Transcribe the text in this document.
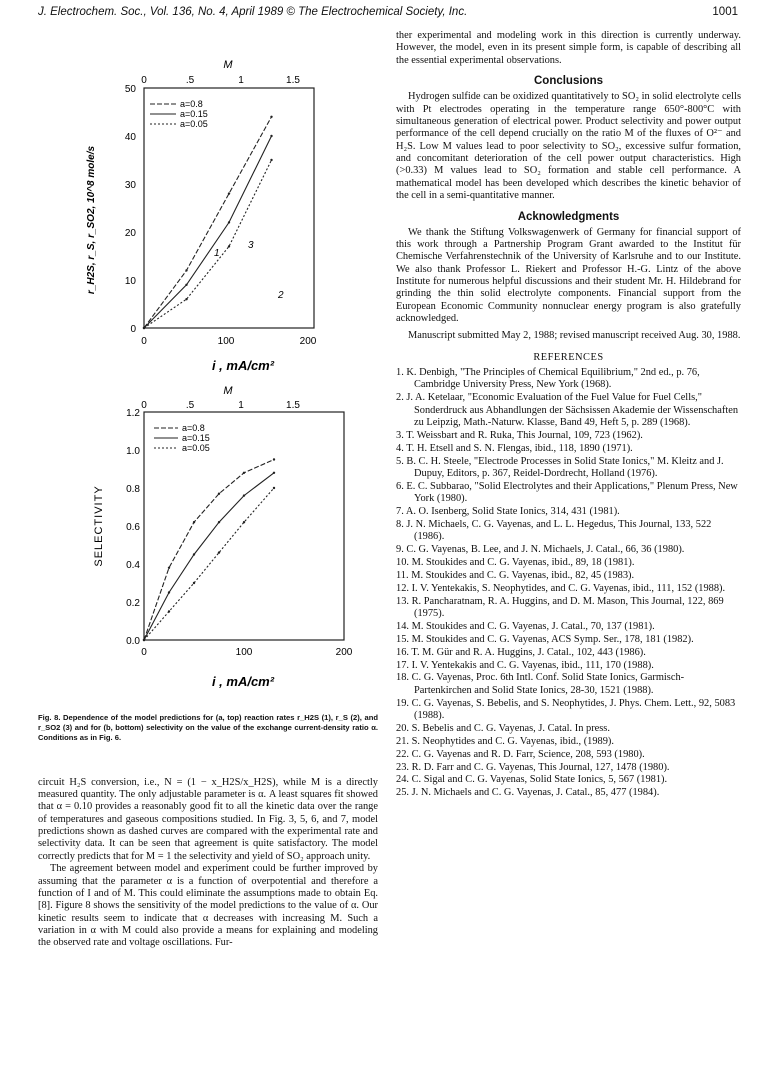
J. Electrochem. Soc., Vol. 136, No. 4, April 1989 © The Electrochemical Society, Inc.	1001
M
0	.5	1	1.5
50
40
30
20
10
0
0	100	200
r_H2S, r_S, r_SO2, 10^8 mole/s
i , mA/cm²
a=0.8
a=0.15
a=0.05
1
2
3

M
0	.5	1	1.5
1.2
1.0
0.8
0.6
0.4
0.2
0.0
0	100	200
SELECTIVITY
i , mA/cm²
a=0.8
a=0.15
a=0.05

Fig. 8. Dependence of the model predictions for (a, top) reaction rates r_H2S (1), r_S (2), and r_SO2 (3) and for (b, bottom) selectivity on the value of the exchange current-density ratio α. Conditions as in Fig. 6.

circuit H₂S conversion, i.e., N = (1 − x_H2S/x_H2S), while M is a directly measured quantity. The only adjustable parameter is α. A least squares fit showed that α = 0.10 provides a reasonably good fit to all the kinetic data over the range of temperatures and gaseous compositions studied. In Fig. 3, 5, 6, and 7, model predictions shown as dashed curves are compared with the experimental rate and selectivity data. It can be seen that agreement is quite satisfactory. The model correctly predicts that for M = 1 the selectivity and yield of SO₂ approach unity.

The agreement between model and experiment could be further improved by assuming that the parameter α is a function of overpotential and therefore a function of I and of M. This could eliminate the assumptions made to obtain Eq. [8]. Figure 8 shows the sensitivity of the model predictions to the value of α. Our kinetic results seem to indicate that α decreases with increasing M. Such a variation in α with M could also provide a means for explaining and modeling the observed rate and voltage oscillations. Fur-

ther experimental and modeling work in this direction is currently underway. However, the model, even in its present simple form, is capable of describing all the essential experimental observations.

Conclusions

Hydrogen sulfide can be oxidized quantitatively to SO₂ in solid electrolyte cells with Pt electrodes operating in the temperature range 650°-800°C with simultaneous generation of electrical power. Product selectivity and power output performance of the cell depend crucially on the ratio M of the fluxes of O²⁻ and H₂S. Low M values lead to poor selectivity to SO₂, excessive sulfur formation, and concomitant deterioration of the cell power output characteristics. High (>0.33) M values lead to SO₂ formation and stable cell performance. A mathematical model has been developed which describes the kinetic behavior of the cell in a semi-quantitative manner.

Acknowledgments

We thank the Stiftung Volkswagenwerk of Germany for financial support of this work through a Partnership Program Grant awarded to the Institut für Chemische Verfahrenstechnik of the University of Karlsruhe and to our Institute. We also thank Professor L. Riekert and Professor H.-G. Lintz of the above Institute for numerous helpful discussions and their student Mr. H. Hildebrand for grinding the thin solid electrolyte components. Financial support from the European Economic Community nonnuclear energy program is also gratefully acknowledged.

Manuscript submitted May 2, 1988; revised manuscript received Aug. 30, 1988.

REFERENCES
1. K. Denbigh, "The Principles of Chemical Equilibrium," 2nd ed., p. 76, Cambridge University Press, New York (1968).
2. J. A. Ketelaar, "Economic Evaluation of the Fuel Value for Fuel Cells," Sonderdruck aus Abhandlungen der Sächsissen Akademie der Wissenschaften zu Leipzig, Math.-Naturw. Klasse, Band 49, Heft 5, p. 289 (1968).
3. T. Weissbart and R. Ruka, This Journal, 109, 723 (1962).
4. T. H. Etsell and S. N. Flengas, ibid., 118, 1890 (1971).
5. B. C. H. Steele, "Electrode Processes in Solid State Ionics," M. Kleitz and J. Dupuy, Editors, p. 367, Reidel-Dordrecht, Holland (1976).
6. E. C. Subbarao, "Solid Electrolytes and their Applications," Plenum Press, New York (1980).
7. A. O. Isenberg, Solid State Ionics, 314, 431 (1981).
8. J. N. Michaels, C. G. Vayenas, and L. L. Hegedus, This Journal, 133, 522 (1986).
9. C. G. Vayenas, B. Lee, and J. N. Michaels, J. Catal., 66, 36 (1980).
10. M. Stoukides and C. G. Vayenas, ibid., 89, 18 (1981).
11. M. Stoukides and C. G. Vayenas, ibid., 82, 45 (1983).
12. I. V. Yentekakis, S. Neophytides, and C. G. Vayenas, ibid., 111, 152 (1988).
13. R. Pancharatnam, R. A. Huggins, and D. M. Mason, This Journal, 122, 869 (1975).
14. M. Stoukides and C. G. Vayenas, J. Catal., 70, 137 (1981).
15. M. Stoukides and C. G. Vayenas, ACS Symp. Ser., 178, 181 (1982).
16. T. M. Gür and R. A. Huggins, J. Catal., 102, 443 (1986).
17. I. V. Yentekakis and C. G. Vayenas, ibid., 111, 170 (1988).
18. C. G. Vayenas, Proc. 6th Intl. Conf. Solid State Ionics, Garmisch-Partenkirchen and Solid State Ionics, 28-30, 1521 (1988).
19. C. G. Vayenas, S. Bebelis, and S. Neophytides, J. Phys. Chem. Lett., 92, 5083 (1988).
20. S. Bebelis and C. G. Vayenas, J. Catal. In press.
21. S. Neophytides and C. G. Vayenas, ibid., (1989).
22. C. G. Vayenas and R. D. Farr, Science, 208, 593 (1980).
23. R. D. Farr and C. G. Vayenas, This Journal, 127, 1478 (1980).
24. C. Sigal and C. G. Vayenas, Solid State Ionics, 5, 567 (1981).
25. J. N. Michaels and C. G. Vayenas, J. Catal., 85, 477 (1984).
